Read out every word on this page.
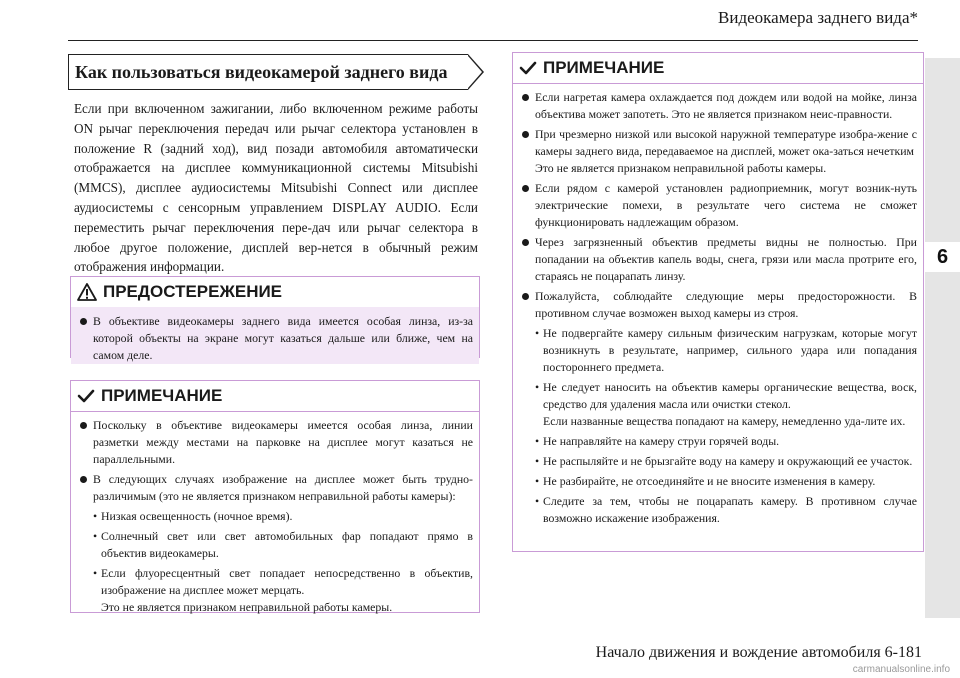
Видеокамера заднего вида*
6
Как пользоваться видеокамерой заднего вида
Если при включенном зажигании, либо включенном режиме работы ON рычаг переключения передач или рычаг селектора установлен в положение R (задний ход), вид позади автомобиля автоматически отображается на дисплее коммуникационной системы Mitsubishi (MMCS), дисплее аудиосистемы Mitsubishi Connect или дисплее аудиосистемы с сенсорным управлением DISPLAY AUDIO. Если переместить рычаг переключения пере-дач или рычаг селектора в любое другое положение, дисплей вер-нется в обычный режим отображения информации.
ПРЕДОСТЕРЕЖЕНИЕ

В объективе видеокамеры заднего вида имеется особая линза, из-за которой объекты на экране могут казаться дальше или ближе, чем на самом деле.

ПРИМЕЧАНИЕ

Поскольку в объективе видеокамеры имеется особая линза, линии разметки между местами на парковке на дисплее могут казаться не параллельными.

В следующих случаях изображение на дисплее может быть трудно-различимым (это не является признаком неправильной работы камеры):

• Низкая освещенность (ночное время).

• Солнечный свет или свет автомобильных фар попадают прямо в объектив видеокамеры.

• Если флуоресцентный свет попадает непосредственно в объектив, изображение на дисплее может мерцать.

Это не является признаком неправильной работы камеры.

ПРИМЕЧАНИЕ

Если нагретая камера охлаждается под дождем или водой на мойке, линза объектива может запотеть. Это не является признаком неис-правности.

При чрезмерно низкой или высокой наружной температуре изобра-жение с камеры заднего вида, передаваемое на дисплей, может ока-заться нечетким

Это не является признаком неправильной работы камеры.

Если рядом с камерой установлен радиоприемник, могут возник-нуть электрические помехи, в результате чего система не сможет функционировать надлежащим образом.

Через загрязненный объектив предметы видны не полностью. При попадании на объектив капель воды, снега, грязи или масла протрите его, стараясь не поцарапать линзу.

Пожалуйста, соблюдайте следующие меры предосторожности. В противном случае возможен выход камеры из строя.

• Не подвергайте камеру сильным физическим нагрузкам, которые могут возникнуть в результате, например, сильного удара или попадания постороннего предмета.

• Не следует наносить на объектив камеры органические вещества, воск, средство для удаления масла или очистки стекол.

Если названные вещества попадают на камеру, немедленно уда-лите их.

• Не направляйте на камеру струи горячей воды.

• Не распыляйте и не брызгайте воду на камеру и окружающий ее участок.

• Не разбирайте, не отсоединяйте и не вносите изменения в камеру.

• Следите за тем, чтобы не поцарапать камеру. В противном случае возможно искажение изображения.

Начало движения и вождение автомобиля 6-181
carmanualsonline.info
